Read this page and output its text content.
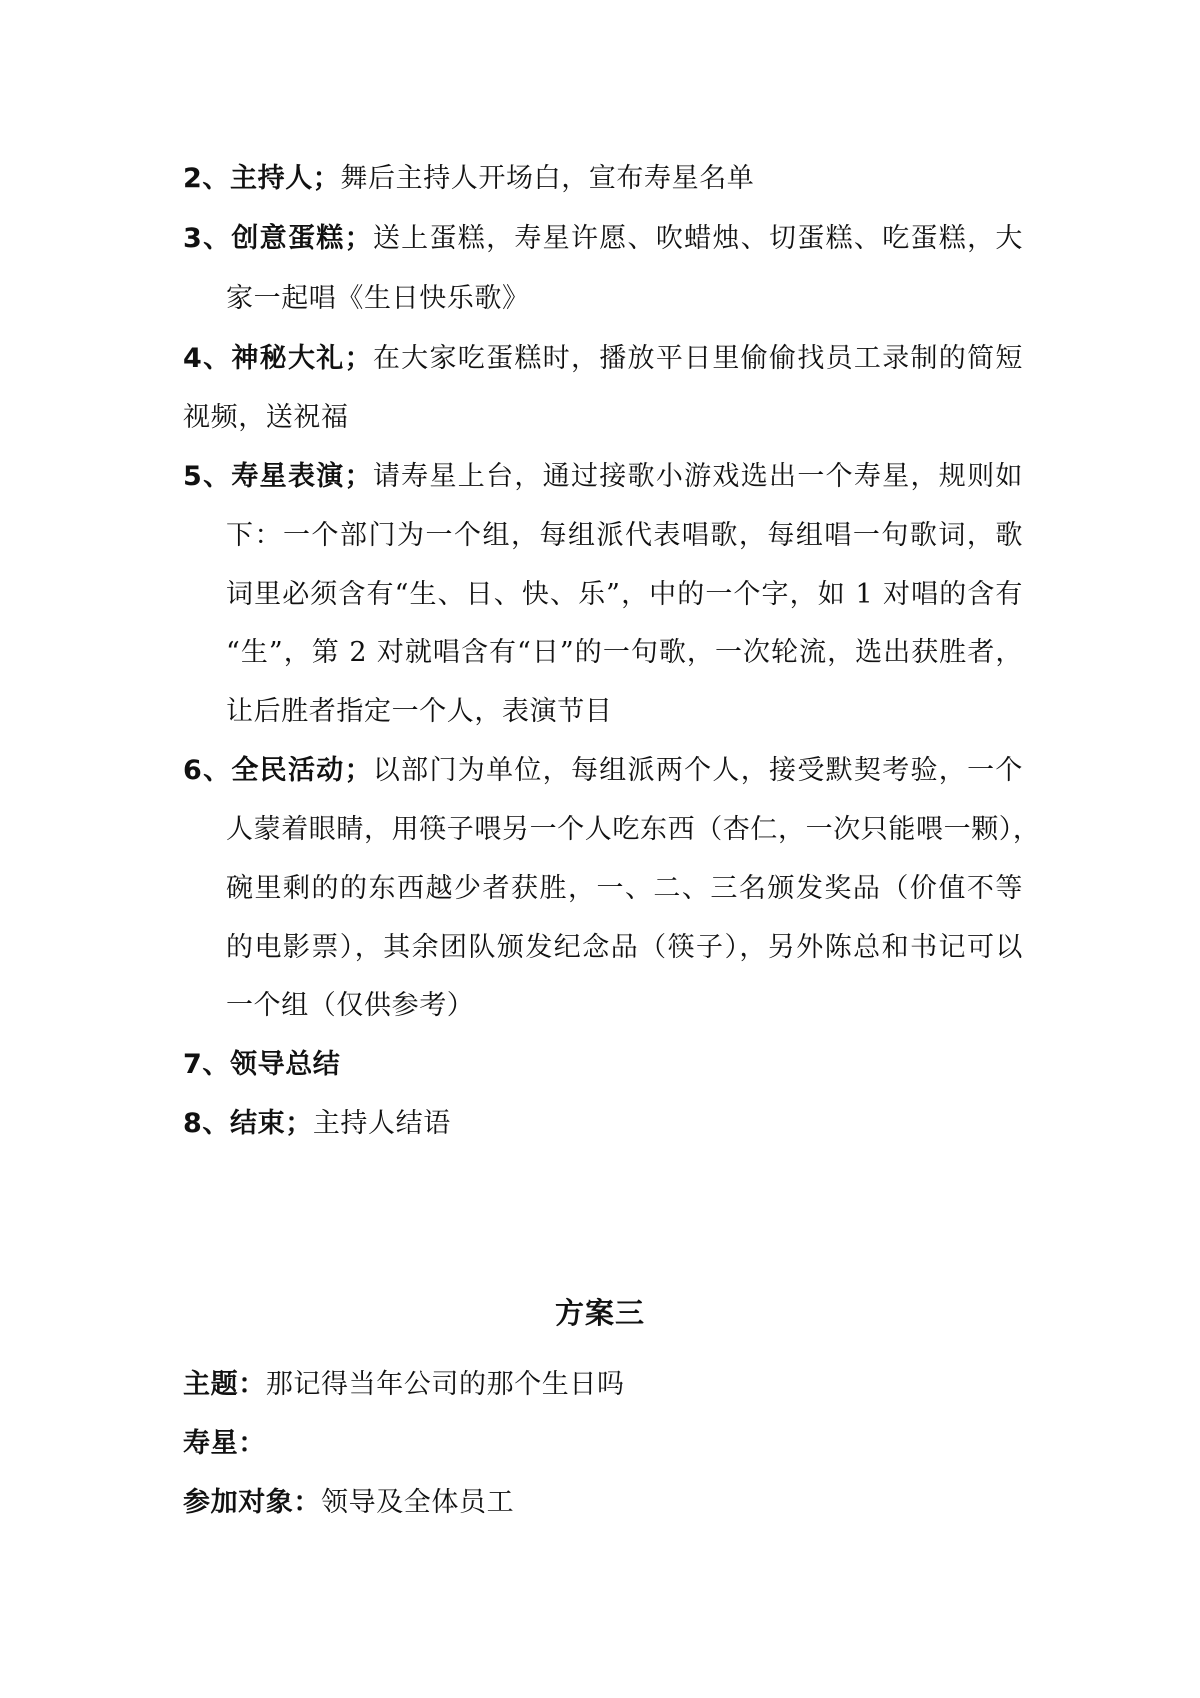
2、主持人；舞后主持人开场白，宣布寿星名单
3、创意蛋糕；送上蛋糕，寿星许愿、吹蜡烛、切蛋糕、吃蛋糕，大
家一起唱《生日快乐歌》
4、神秘大礼；在大家吃蛋糕时，播放平日里偷偷找员工录制的简短
视频，送祝福
5、寿星表演；请寿星上台，通过接歌小游戏选出一个寿星，规则如
下：一个部门为一个组，每组派代表唱歌，每组唱一句歌词，歌
词里必须含有“生、日、快、乐”，中的一个字，如 1 对唱的含有
“生”，第 2 对就唱含有“日”的一句歌，一次轮流，选出获胜者，
让后胜者指定一个人，表演节目
6、全民活动；以部门为单位，每组派两个人，接受默契考验，一个
人蒙着眼睛，用筷子喂另一个人吃东西（杏仁，一次只能喂一颗），
碗里剩的的东西越少者获胜，一、二、三名颁发奖品（价值不等
的电影票），其余团队颁发纪念品（筷子），另外陈总和书记可以
一个组（仅供参考）
7、领导总结
8、结束；主持人结语
方案三
主题：那记得当年公司的那个生日吗
寿星：
参加对象：领导及全体员工
